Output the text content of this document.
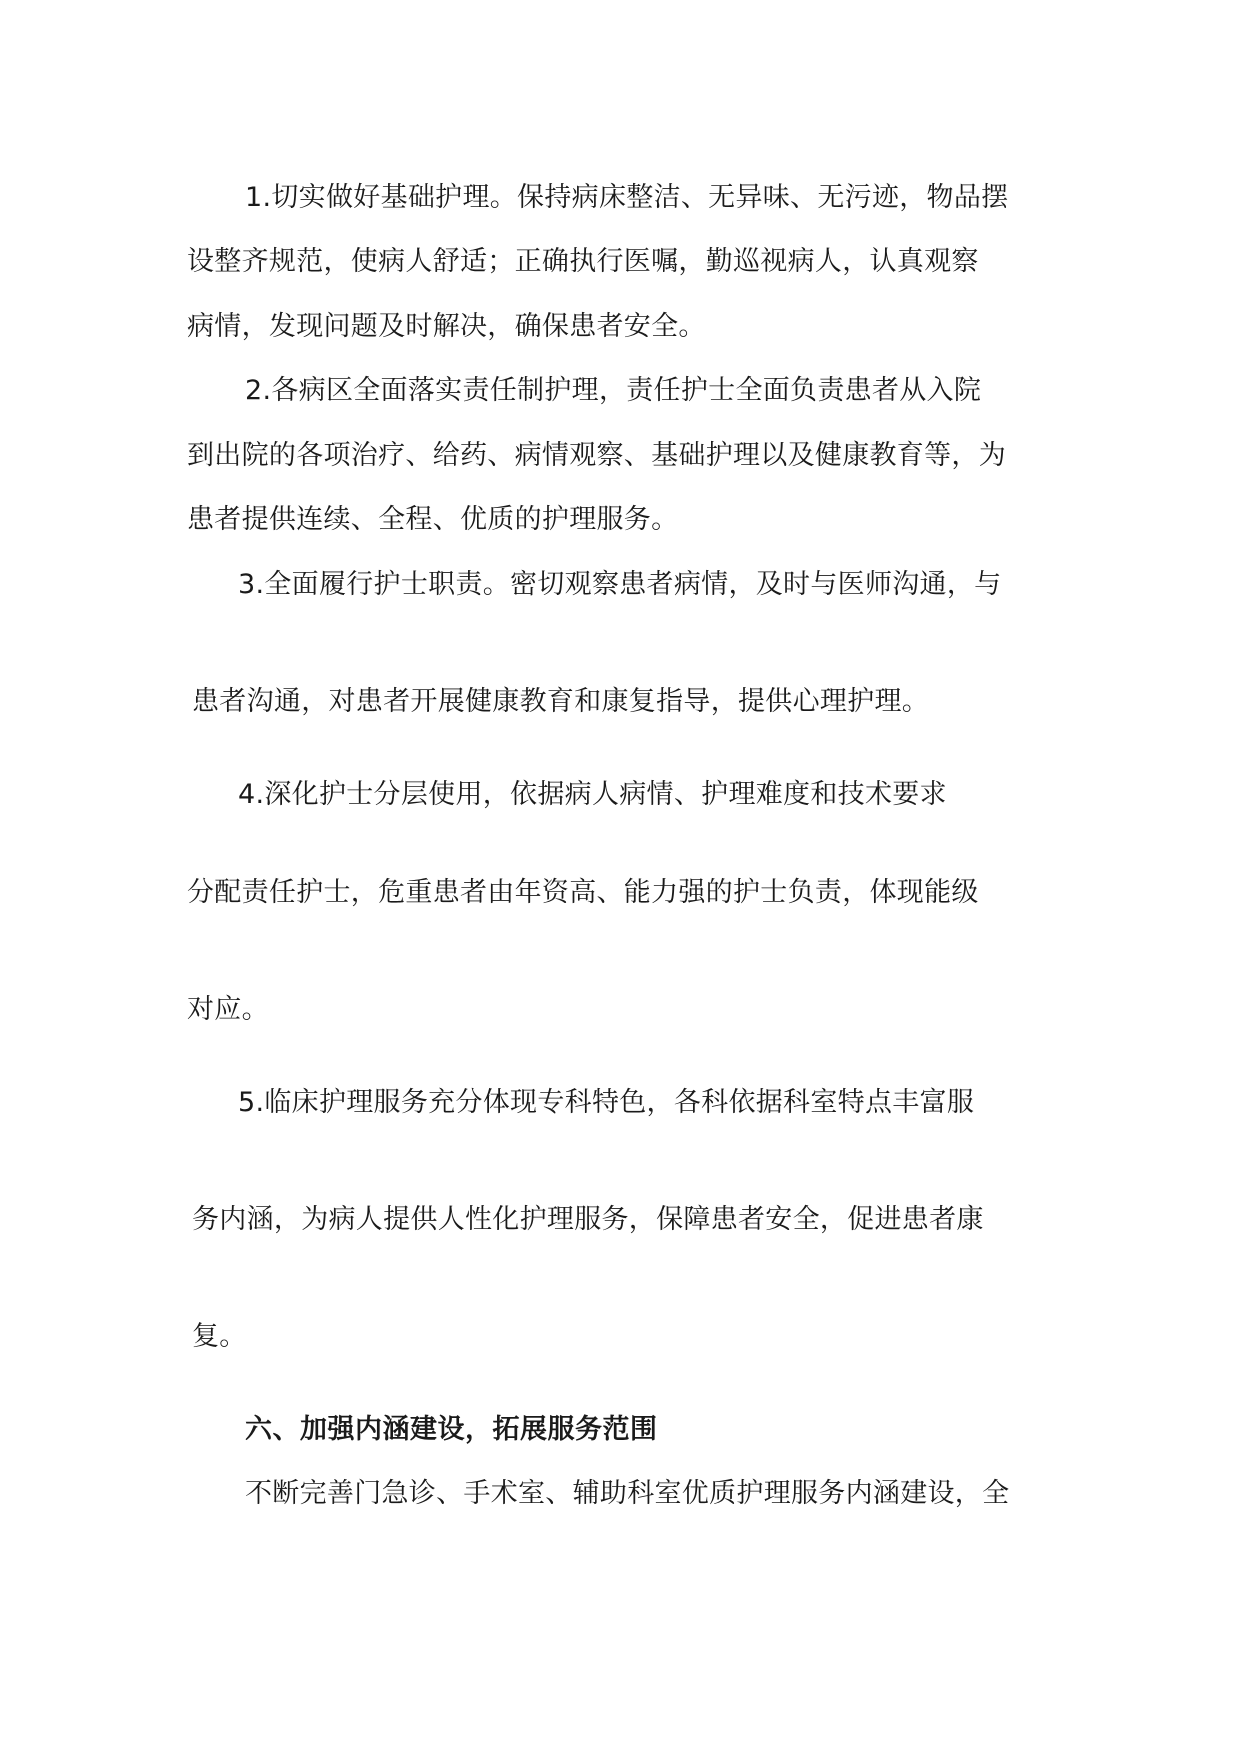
1.切实做好基础护理。保持病床整洁、无异味、无污迹，物品摆
设整齐规范，使病人舒适；正确执行医嘱，勤巡视病人，认真观察
病情，发现问题及时解决，确保患者安全。
2.各病区全面落实责任制护理，责任护士全面负责患者从入院
到出院的各项治疗、给药、病情观察、基础护理以及健康教育等，为
患者提供连续、全程、优质的护理服务。
3.全面履行护士职责。密切观察患者病情，及时与医师沟通，与
患者沟通，对患者开展健康教育和康复指导，提供心理护理。
4.深化护士分层使用，依据病人病情、护理难度和技术要求
分配责任护士，危重患者由年资高、能力强的护士负责，体现能级
对应。
5.临床护理服务充分体现专科特色，各科依据科室特点丰富服
务内涵，为病人提供人性化护理服务，保障患者安全，促进患者康
复。
六、加强内涵建设，拓展服务范围
不断完善门急诊、手术室、辅助科室优质护理服务内涵建设，全
